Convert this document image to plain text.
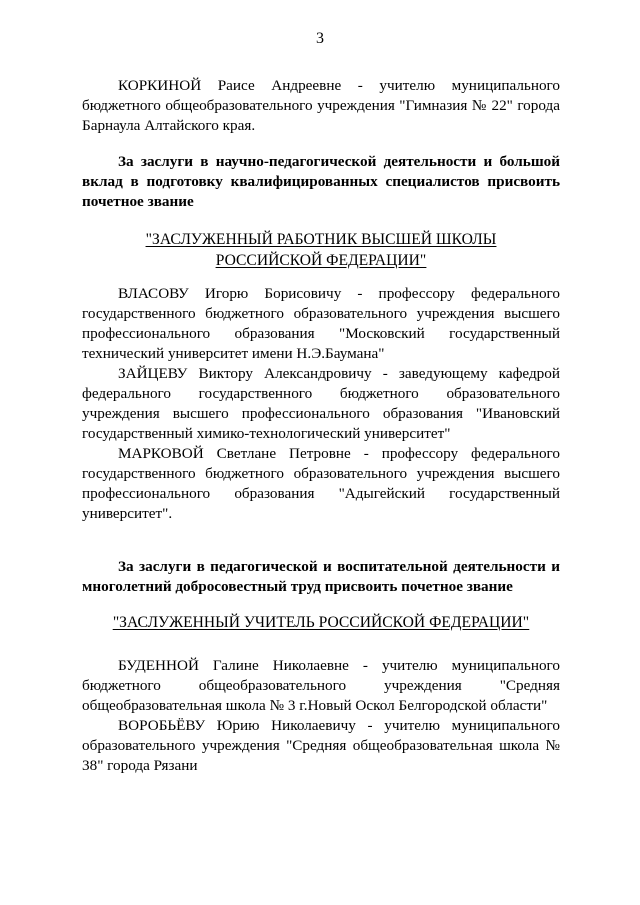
3

КОРКИНОЙ Раисе Андреевне - учителю муниципального бюджетного общеобразовательного учреждения "Гимназия № 22" города Барнаула Алтайского края.

За заслуги в научно-педагогической деятельности и большой вклад в подготовку квалифицированных специалистов присвоить почетное звание

"ЗАСЛУЖЕННЫЙ РАБОТНИК ВЫСШЕЙ ШКОЛЫ
РОССИЙСКОЙ ФЕДЕРАЦИИ"

ВЛАСОВУ Игорю Борисовичу - профессору федерального государственного бюджетного образовательного учреждения высшего профессионального образования "Московский государственный технический университет имени Н.Э.Баумана"

ЗАЙЦЕВУ Виктору Александровичу - заведующему кафедрой федерального государственного бюджетного образовательного учреждения высшего профессионального образования "Ивановский государственный химико-технологический университет"

МАРКОВОЙ Светлане Петровне - профессору федерального государственного бюджетного образовательного учреждения высшего профессионального образования "Адыгейский государственный университет".

За заслуги в педагогической и воспитательной деятельности и многолетний добросовестный труд присвоить почетное звание

"ЗАСЛУЖЕННЫЙ УЧИТЕЛЬ РОССИЙСКОЙ ФЕДЕРАЦИИ"

БУДЕННОЙ Галине Николаевне - учителю муниципального бюджетного общеобразовательного учреждения "Средняя общеобразовательная школа № 3 г.Новый Оскол Белгородской области"

ВОРОБЬЁВУ Юрию Николаевичу - учителю муниципального образовательного учреждения "Средняя общеобразовательная школа № 38" города Рязани
